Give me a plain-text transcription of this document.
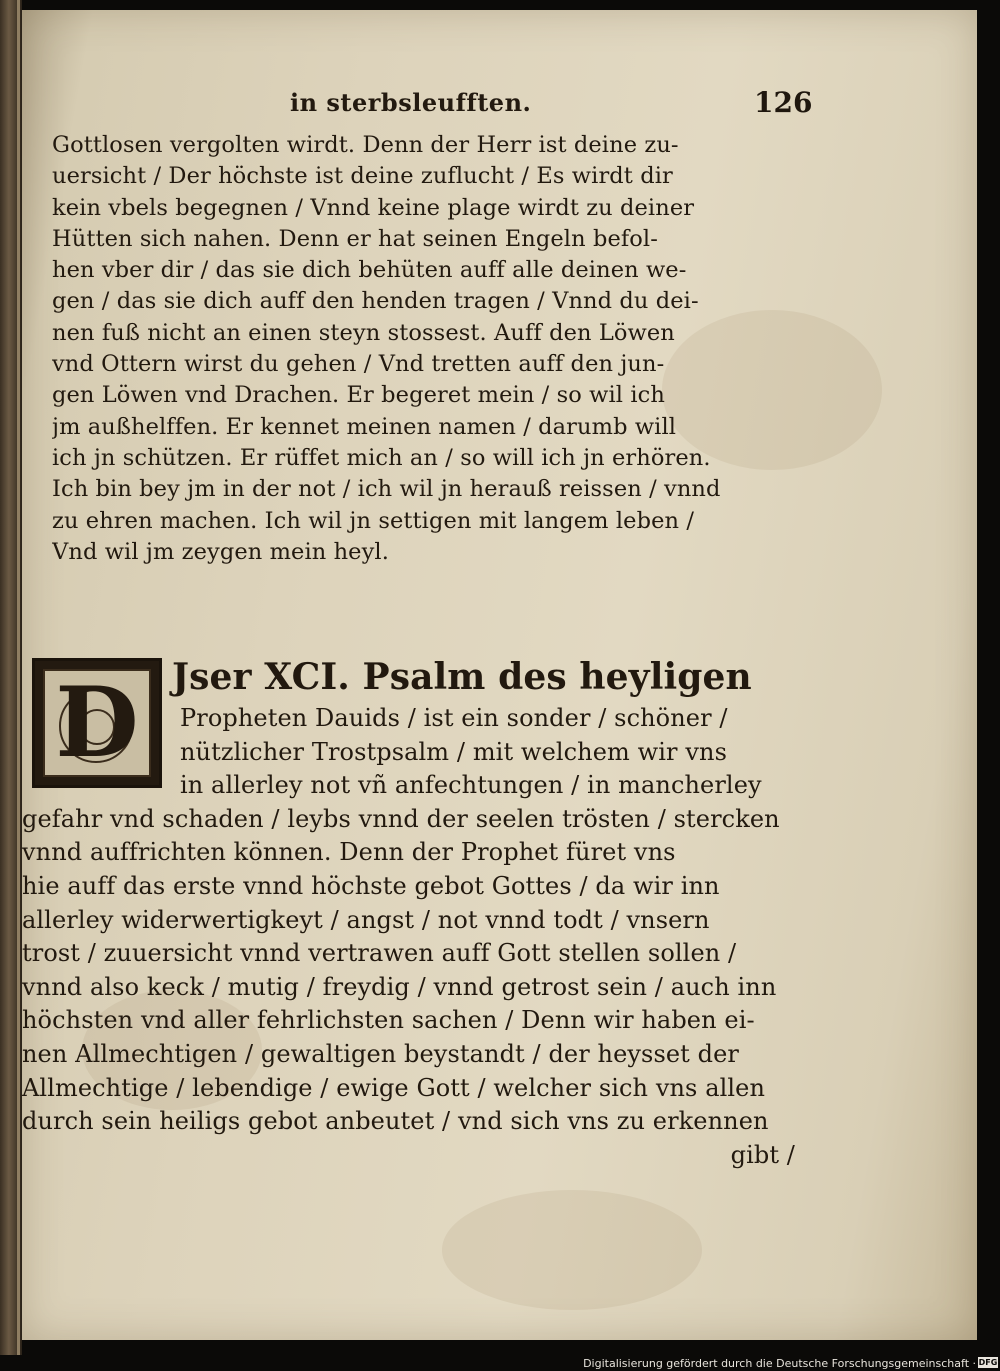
in sterbsleufften.	126
Gottlosen vergolten wirdt. Denn der Herr ist deine zu-
uersicht / Der höchste ist deine zuflucht / Es wirdt dir
kein vbels begegnen / Vnnd keine plage wirdt zu deiner
Hütten sich nahen. Denn er hat seinen Engeln befol-
hen vber dir / das sie dich behüten auff alle deinen we-
gen / das sie dich auff den henden tragen / Vnnd du dei-
nen fuß nicht an einen steyn stossest. Auff den Löwen
vnd Ottern wirst du gehen / Vnd tretten auff den jun-
gen Löwen vnd Drachen. Er begeret mein / so wil ich
jm außhelffen. Er kennet meinen namen / darumb will
ich jn schützen. Er rüffet mich an / so will ich jn erhören.
Ich bin bey jm in der not / ich wil jn herauß reissen / vnnd
zu ehren machen. Ich wil jn settigen mit langem leben /
Vnd wil jm zeygen mein heyl.
D Jser XCI. Psalm des heyligen
Propheten Dauids / ist ein sonder / schöner /
nützlicher Trostpsalm / mit welchem wir vns
in allerley not vñ anfechtungen / in mancherley
gefahr vnd schaden / leybs vnnd der seelen trösten / stercken
vnnd auffrichten können. Denn der Prophet füret vns
hie auff das erste vnnd höchste gebot Gottes / da wir inn
allerley widerwertigkeyt / angst / not vnnd todt / vnsern
trost / zuuersicht vnnd vertrawen auff Gott stellen sollen /
vnnd also keck / mutig / freydig / vnnd getrost sein / auch inn
höchsten vnd aller fehrlichsten sachen / Denn wir haben ei-
nen Allmechtigen / gewaltigen beystandt / der heysset der
Allmechtige / lebendige / ewige Gott / welcher sich vns allen
durch sein heiligs gebot anbeutet / vnd sich vns zu erkennen
gibt /
Digitalisierung gefördert durch die Deutsche Forschungsgemeinschaft · DFG
